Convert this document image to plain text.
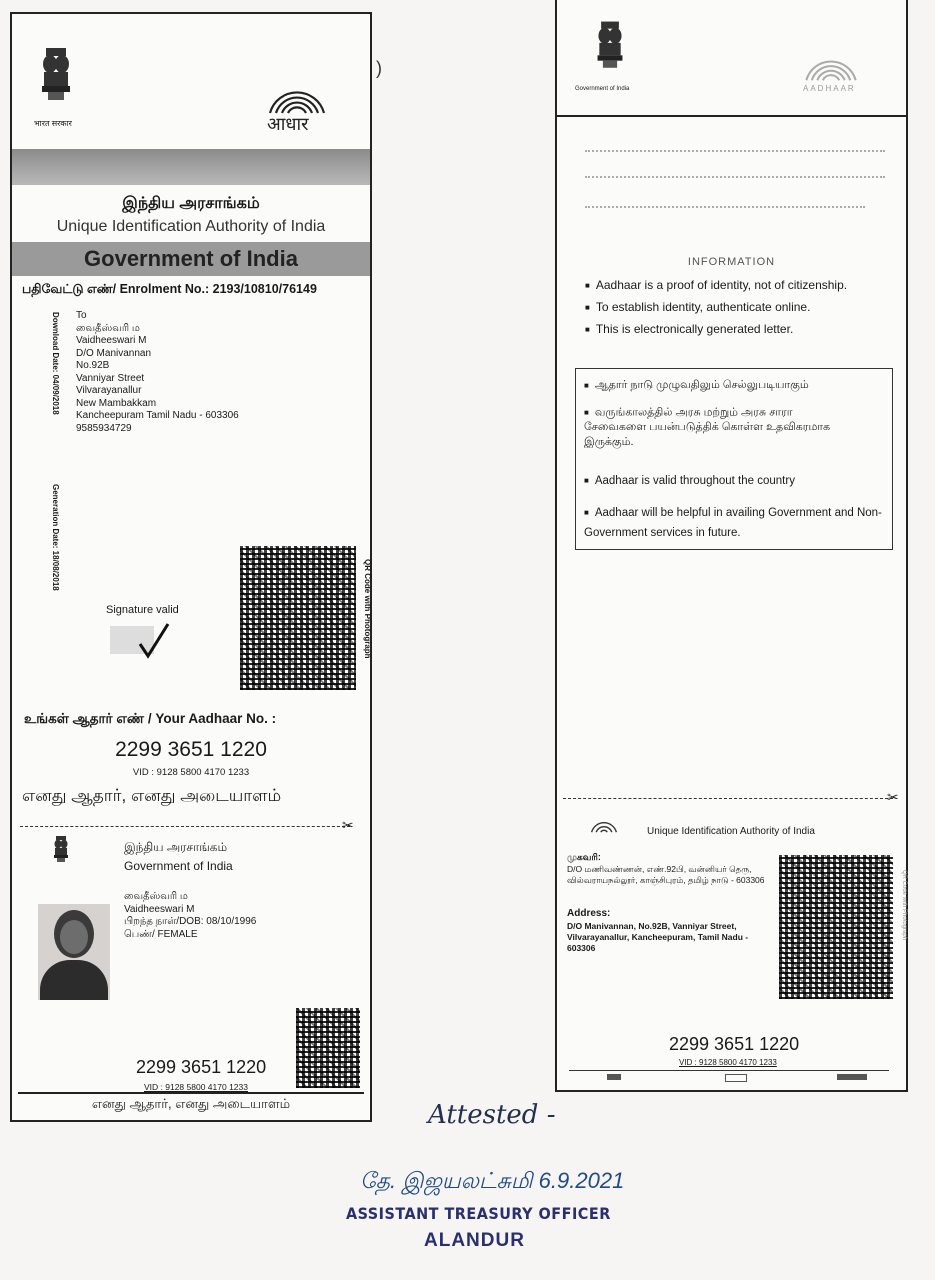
भारत सरकार	आधार
இந்திய அரசாங்கம்
Unique Identification Authority of India
Government of India
பதிவேட்டு எண்/ Enrolment No.: 2193/10810/76149
Download Date: 04/09/2018
Generation Date: 18/08/2018
To
வைதீஸ்வரி ம
Vaidheeswari M
D/O Manivannan
No.92B
Vanniyar Street
Vilvarayanallur
New Mambakkam
Kancheepuram Tamil Nadu - 603306
9585934729
QR Code with Photograph
Signature valid
உங்கள் ஆதார் எண் / Your Aadhaar No. :
2299 3651 1220
VID : 9128 5800 4170 1233
எனது ஆதார், எனது அடையாளம்
✂
இந்திய அரசாங்கம்
Government of India
வைதீஸ்வரி ம
Vaidheeswari M
பிறந்த நாள்/DOB: 08/10/1996
பெண்/ FEMALE
2299 3651 1220
VID : 9128 5800 4170 1233
எனது ஆதார், எனது அடையாளம்
Government of India	AADHAAR
INFORMATION
■ Aadhaar is a proof of identity, not of citizenship.
■ To establish identity, authenticate online.
■ This is electronically generated letter.
■ ஆதார் நாடு முழுவதிலும் செல்லுபடியாகும்
■ வருங்காலத்தில் அரசு மற்றும் அரசு சாரா சேவைகளை பயன்படுத்திக் கொள்ள உதவிகரமாக இருக்கும்.
■ Aadhaar is valid throughout the country
■ Aadhaar will be helpful in availing Government and Non-Government services in future.
✂
Unique Identification Authority of India
முகவரி:
D/O மணிவண்ணன், எண்.92பி, வன்னியர் தெரு, வில்வராயநல்லூர், காஞ்சிபுரம், தமிழ் நாடு - 603306
Address:
D/O Manivannan, No.92B, Vanniyar Street, Vilvarayanallur, Kancheepuram, Tamil Nadu - 603306
QR Code with Photograph
2299 3651 1220
VID : 9128 5800 4170 1233
)
Attested -
தே. இஜயலட்சுமி 6.9.2021
ASSISTANT TREASURY OFFICER
ALANDUR
